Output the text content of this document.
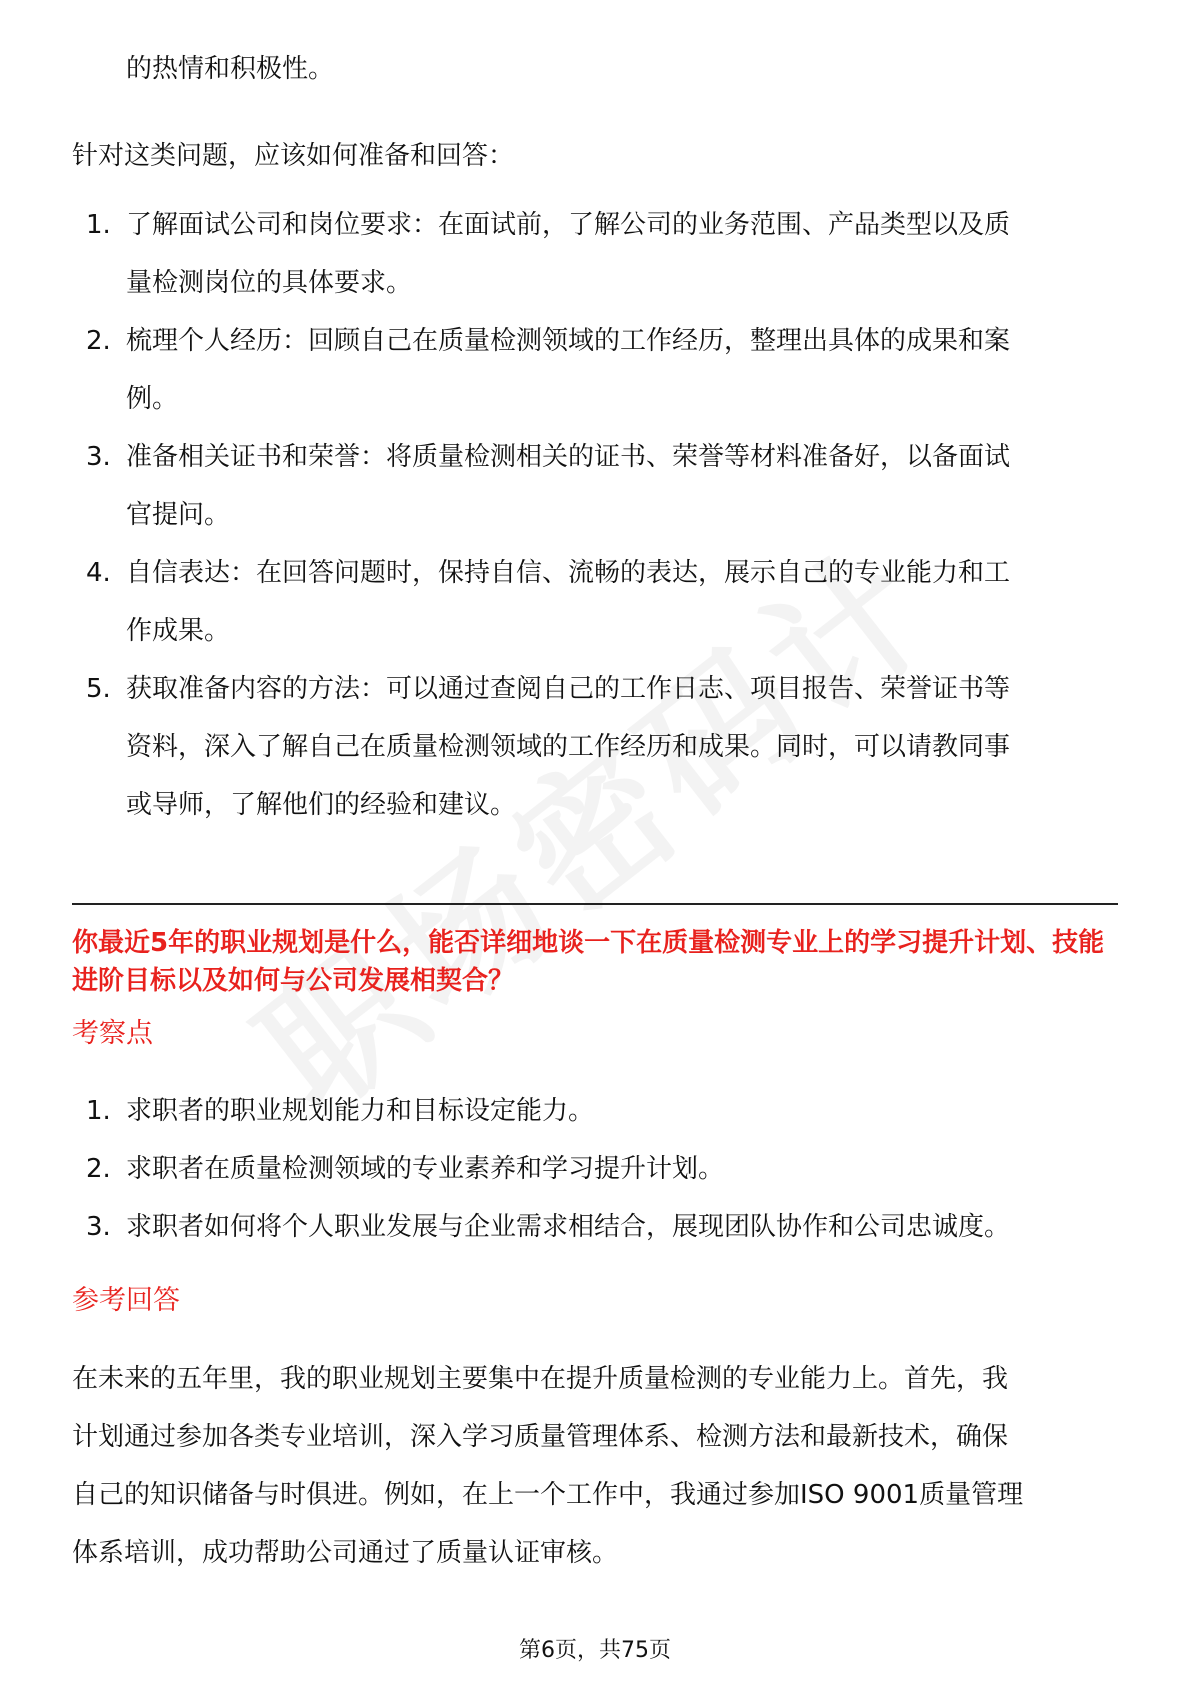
的热情和积极性。

针对这类问题，应该如何准备和回答：

1. 了解面试公司和岗位要求：在面试前，了解公司的业务范围、产品类型以及质
量检测岗位的具体要求。
2. 梳理个人经历：回顾自己在质量检测领域的工作经历，整理出具体的成果和案
例。
3. 准备相关证书和荣誉：将质量检测相关的证书、荣誉等材料准备好，以备面试
官提问。
4. 自信表达：在回答问题时，保持自信、流畅的表达，展示自己的专业能力和工
作成果。
5. 获取准备内容的方法：可以通过查阅自己的工作日志、项目报告、荣誉证书等
资料，深入了解自己在质量检测领域的工作经历和成果。同时，可以请教同事
或导师，了解他们的经验和建议。

你最近5年的职业规划是什么，能否详细地谈一下在质量检测专业上的学习提升计划、技能进阶目标以及如何与公司发展相契合？

考察点
1. 求职者的职业规划能力和目标设定能力。
2. 求职者在质量检测领域的专业素养和学习提升计划。
3. 求职者如何将个人职业发展与企业需求相结合，展现团队协作和公司忠诚度。
参考回答

在未来的五年里，我的职业规划主要集中在提升质量检测的专业能力上。首先，我
计划通过参加各类专业培训，深入学习质量管理体系、检测方法和最新技术，确保
自己的知识储备与时俱进。例如，在上一个工作中，我通过参加ISO 9001质量管理
体系培训，成功帮助公司通过了质量认证审核。

第6页，共75页
